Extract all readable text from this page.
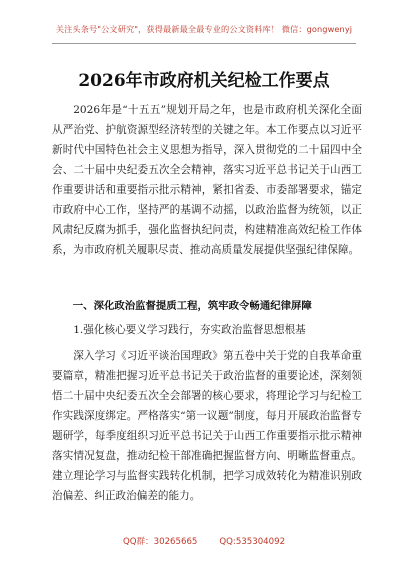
关注头条号"公文研究"，获得最新最全最专业的公文资料库！ 微信：gongwenyj
2026年市政府机关纪检工作要点
2026年是“十五五”规划开局之年，也是市政府机关深化全面从严治党、护航资源型经济转型的关键之年。本工作要点以习近平新时代中国特色社会主义思想为指导，深入贯彻党的二十届四中全会、二十届中央纪委五次全会精神，落实习近平总书记关于山西工作重要讲话和重要指示批示精神，紧扣省委、市委部署要求，锚定市政府中心工作，坚持严的基调不动摇，以政治监督为统领，以正风肃纪反腐为抓手，强化监督执纪问责，构建精准高效纪检工作体系，为市政府机关履职尽责、推动高质量发展提供坚强纪律保障。
一、深化政治监督提质工程，筑牢政令畅通纪律屏障
1.强化核心要义学习践行，夯实政治监督思想根基
深入学习《习近平谈治国理政》第五卷中关于党的自我革命重要篇章，精准把握习近平总书记关于政治监督的重要论述，深刻领悟二十届中央纪委五次全会部署的核心要求，将理论学习与纪检工作实践深度绑定。严格落实“第一议题”制度，每月开展政治监督专题研学，每季度组织习近平总书记关于山西工作重要指示批示精神落实情况复盘，推动纪检干部准确把握监督方向、明晰监督重点。建立理论学习与监督实践转化机制，把学习成效转化为精准识别政治偏差、纠正政治偏差的能力。
QQ群：30265665	QQ:535304092
